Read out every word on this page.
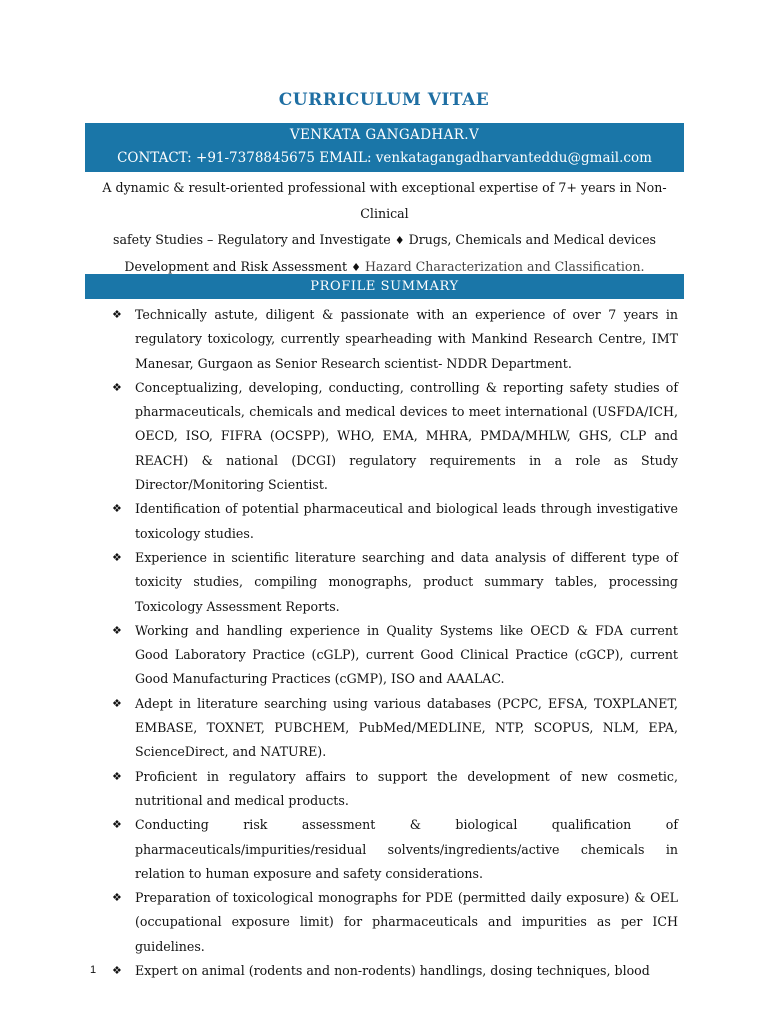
CURRICULUM VITAE
VENKATA GANGADHAR.V
CONTACT: +91-7378845675 EMAIL: venkatagangadharvanteddu@gmail.com
A dynamic & result-oriented professional with exceptional expertise of 7+ years in Non-Clinical
safety Studies – Regulatory and Investigate ♦ Drugs, Chemicals and Medical devices
Development and Risk Assessment ♦ Hazard Characterization and Classification.
PROFILE SUMMARY
❖ Technically astute, diligent & passionate with an experience of over 7 years in regulatory toxicology, currently spearheading with Mankind Research Centre, IMT Manesar, Gurgaon as Senior Research scientist- NDDR Department.
❖ Conceptualizing, developing, conducting, controlling & reporting safety studies of pharmaceuticals, chemicals and medical devices to meet international (USFDA/ICH, OECD, ISO, FIFRA (OCSPP), WHO, EMA, MHRA, PMDA/MHLW, GHS, CLP and REACH) & national (DCGI) regulatory requirements in a role as Study Director/Monitoring Scientist.
❖ Identification of potential pharmaceutical and biological leads through investigative toxicology studies.
❖ Experience in scientific literature searching and data analysis of different type of toxicity studies, compiling monographs, product summary tables, processing Toxicology Assessment Reports.
❖ Working and handling experience in Quality Systems like OECD & FDA current Good Laboratory Practice (cGLP), current Good Clinical Practice (cGCP), current Good Manufacturing Practices (cGMP), ISO and AAALAC.
❖ Adept in literature searching using various databases (PCPC, EFSA, TOXPLANET, EMBASE, TOXNET, PUBCHEM, PubMed/MEDLINE, NTP, SCOPUS, NLM, EPA, ScienceDirect, and NATURE).
❖ Proficient in regulatory affairs to support the development of new cosmetic, nutritional and medical products.
❖ Conducting risk assessment & biological qualification of pharmaceuticals/impurities/residual solvents/ingredients/active chemicals in relation to human exposure and safety considerations.
❖ Preparation of toxicological monographs for PDE (permitted daily exposure) & OEL (occupational exposure limit) for pharmaceuticals and impurities as per ICH guidelines.
❖ Expert on animal (rodents and non-rodents) handlings, dosing techniques, blood
1
